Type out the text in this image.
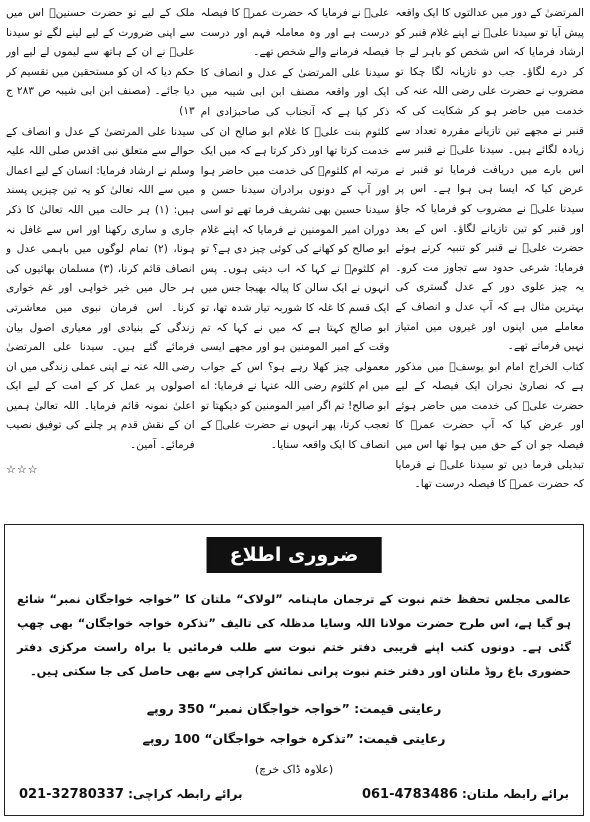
المرتضیٰ کے دور میں عدالتوں کا ایک واقعہ پیش آیا تو سیدنا علیؓ نے اپنے غلام قنبر کو ارشاد فرمایا کہ اس شخص کو باہر لے جا کر درے لگاؤ۔ جب دو تازیانہ لگا چکا تو مضروب نے حضرت علی رضی اللہ عنہ کی خدمت میں حاضر ہو کر شکایت کی کہ قنبر نے مجھے تین تازیانے مقررہ تعداد سے زیادہ لگائے ہیں۔ سیدنا علیؓ نے قنبر سے اس بارے میں دریافت فرمایا تو قنبر نے عرض کیا کہ ایسا ہی ہوا ہے۔ اس پر سیدنا علیؓ نے مضروب کو فرمایا کہ جاؤ اور قنبر کو تین تازیانے لگاؤ۔ اس کے بعد حضرت علیؓ نے قنبر کو تنبیہ کرتے ہوئے فرمایا: شرعی حدود سے تجاوز مت کرو۔ یہ چیز علوی دور کے عدل گستری کی بہترین مثال ہے کہ آپ عدل و انصاف کے معاملے میں اپنوں اور غیروں میں امتیاز نہیں فرماتے تھے۔

کتاب الخراج امام ابو یوسفؒ میں مذکور ہے کہ نصاریٰ نجران ایک فیصلہ کے لیے حضرت علیؓ کی خدمت میں حاضر ہوئے اور عرض کیا کہ آپ حضرت عمرؓ کا فیصلہ جو ان کے حق میں ہوا تھا اس میں تبدیلی فرما دیں تو سیدنا علیؓ نے فرمایا کہ حضرت عمرؓ کا فیصلہ درست تھا۔

علیؓ نے فرمایا کہ حضرت عمرؓ کا فیصلہ درست ہے اور وہ معاملہ فہم اور درست فیصلہ فرمانے والے شخص تھے۔

سیدنا علی المرتضیٰ کے عدل و انصاف کا ایک اور واقعہ مصنف ابن ابی شیبہ میں ذکر کیا ہے کہ آنجناب کی صاحبزادی ام کلثوم بنت علیؓ کا غلام ابو صالح ان کی خدمت کرتا تھا اور ذکر کرتا ہے کہ میں ایک مرتبہ ام کلثومؓ کی خدمت میں حاضر ہوا اور آپ کے دونوں برادران سیدنا حسن و سیدنا حسین بھی تشریف فرما تھے تو اسی دوران امیر المومنین نے فرمایا کہ اپنے غلام ابو صالح کو کھانے کی کوئی چیز دی ہے؟ تو ام کلثومؓ نے کہا کہ اب دیتی ہوں۔ پس انہوں نے ایک سالن کا پیالہ بھیجا جس میں ایک قسم کا غلہ کا شوربہ تیار شدہ تھا، تو ابو صالح کہتا ہے کہ میں نے کہا کہ تم وقت کے امیر المومنین ہو اور مجھے ایسی معمولی چیز کھلا رہے ہو؟ اس کے جواب میں ام کلثوم رضی اللہ عنہا نے فرمایا: اے ابو صالح! تم اگر امیر المومنین کو دیکھتا تو تعجب کرتا، پھر انہوں نے حضرت علیؓ کے انصاف کا ایک واقعہ سنایا۔

ملک کے لیے تو حضرت حسنینؓ اس میں سے اپنی ضرورت کے لیے لینے لگے تو سیدنا علیؓ نے ان کے ہاتھ سے لیموں لے لیے اور حکم دیا کہ ان کو مستحقین میں تقسیم کر دیا جائے۔ (مصنف ابن ابی شیبہ ص ۲۸۳ ج ۱۳)

سیدنا علی المرتضیٰ کے عدل و انصاف کے حوالے سے متعلق نبی اقدس صلی اللہ علیہ وسلم نے ارشاد فرمایا: انسان کے لیے اعمال میں سے اللہ تعالیٰ کو یہ تین چیزیں پسند ہیں: (۱) ہر حالت میں اللہ تعالیٰ کا ذکر جاری و ساری رکھنا اور اس سے غافل نہ ہونا، (۲) تمام لوگوں میں باہمی عدل و انصاف قائم کرنا، (۳) مسلمان بھائیوں کی ہر حال میں خیر خواہی اور غم خواری کرنا۔ اس فرمان نبوی میں معاشرتی زندگی کے بنیادی اور معیاری اصول بیان فرمائے گئے ہیں۔ سیدنا علی المرتضیٰ رضی اللہ عنہ نے اپنی عملی زندگی میں ان اصولوں پر عمل کر کے امت کے لیے ایک اعلیٰ نمونہ قائم فرمایا۔ اللہ تعالیٰ ہمیں ان کے نقش قدم پر چلنے کی توفیق نصیب فرمائے۔ آمین۔

☆☆☆
ضروری اطلاع
عالمی مجلس تحفظ ختم نبوت کے ترجمان ماہنامہ ”لولاک“ ملتان کا ”خواجہ خواجگان نمبر“ شائع ہو گیا ہے، اس طرح حضرت مولانا اللہ وسایا مدظلہ کی تالیف ”تذکرہ خواجہ خواجگان“ بھی چھپ گئی ہے۔ دونوں کتب اپنے قریبی دفتر ختم نبوت سے طلب فرمائیں یا براہ راست مرکزی دفتر حضوری باغ روڈ ملتان اور دفتر ختم نبوت پرانی نمائش کراچی سے بھی حاصل کی جا سکتی ہیں۔
رعایتی قیمت: ”خواجہ خواجگان نمبر“ 350 روپے
رعایتی قیمت: ”تذکرہ خواجہ خواجگان“ 100 روپے
(علاوہ ڈاک خرچ)
برائے رابطہ ملتان: 061-4783486
برائے رابطہ کراچی: 021-32780337
